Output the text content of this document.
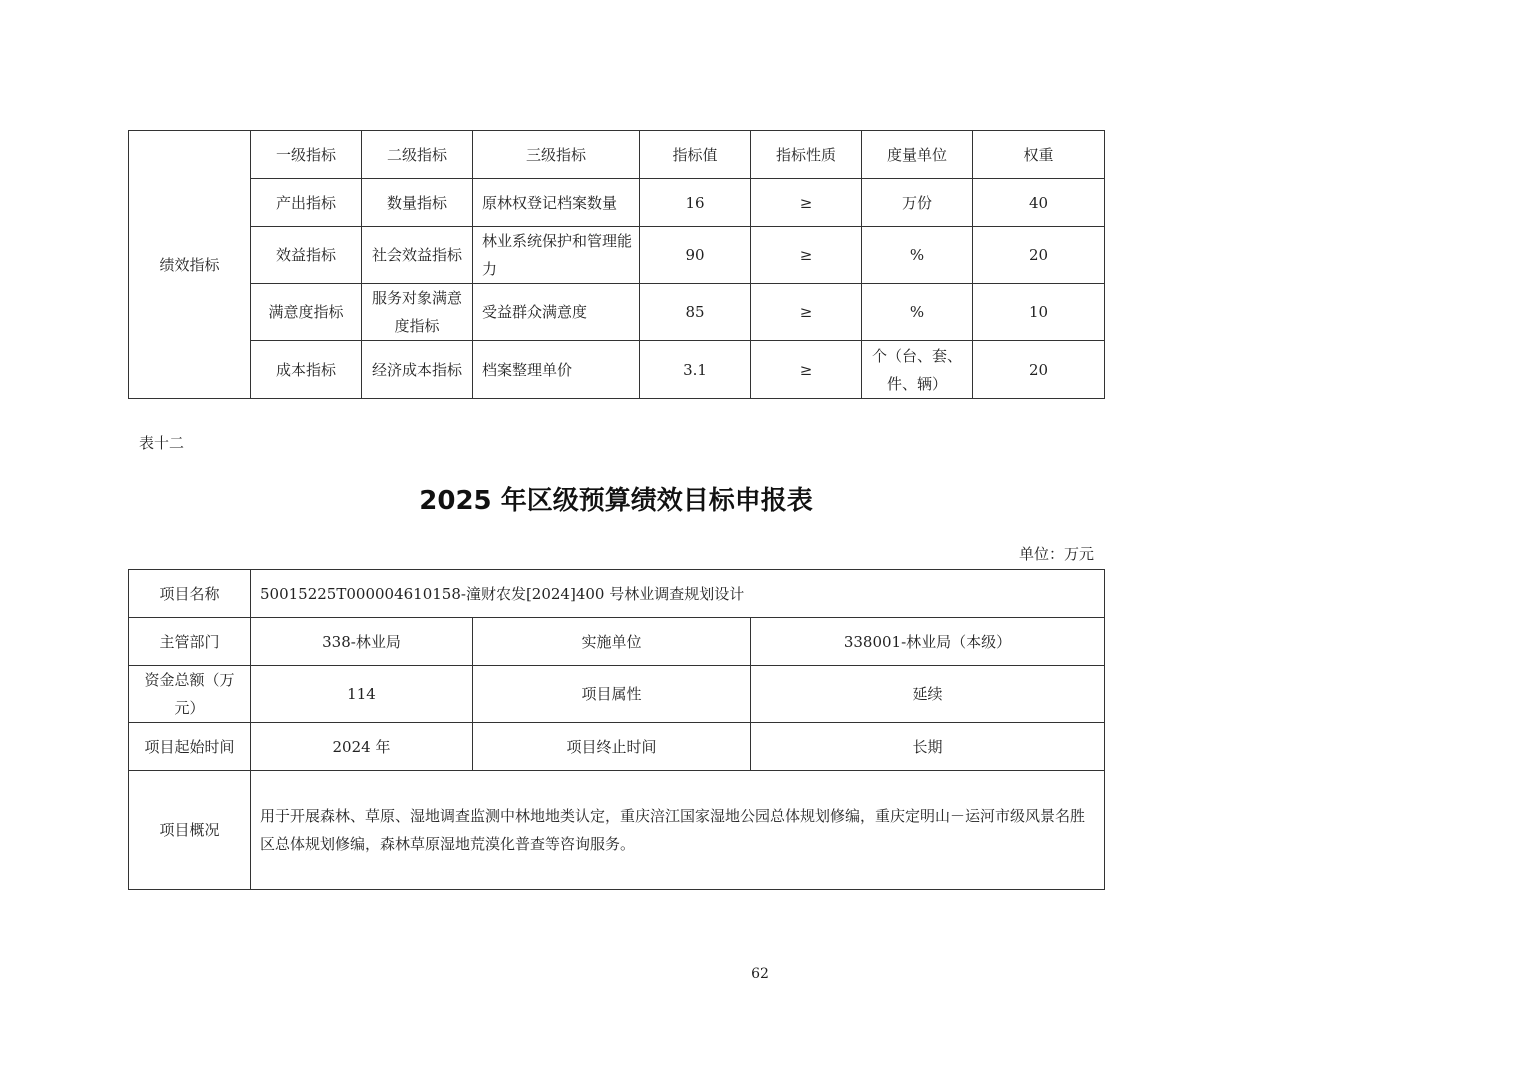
绩效指标	一级指标	二级指标	三级指标	指标值	指标性质	度量单位	权重
	产出指标	数量指标	原林权登记档案数量	16	≥	万份	40
	效益指标	社会效益指标	林业系统保护和管理能力	90	≥	%	20
	满意度指标	服务对象满意度指标	受益群众满意度	85	≥	%	10
	成本指标	经济成本指标	档案整理单价	3.1	≥	个（台、套、件、辆）	20
表十二
2025 年区级预算绩效目标申报表
单位：万元
项目名称	50015225T000004610158-潼财农发[2024]400 号林业调查规划设计		
主管部门	338-林业局	实施单位	338001-林业局（本级）
资金总额（万元）	114	项目属性	延续
项目起始时间	2024 年	项目终止时间	长期
项目概况	用于开展森林、草原、湿地调查监测中林地地类认定，重庆涪江国家湿地公园总体规划修编，重庆定明山－运河市级风景名胜区总体规划修编，森林草原湿地荒漠化普查等咨询服务。		
62
